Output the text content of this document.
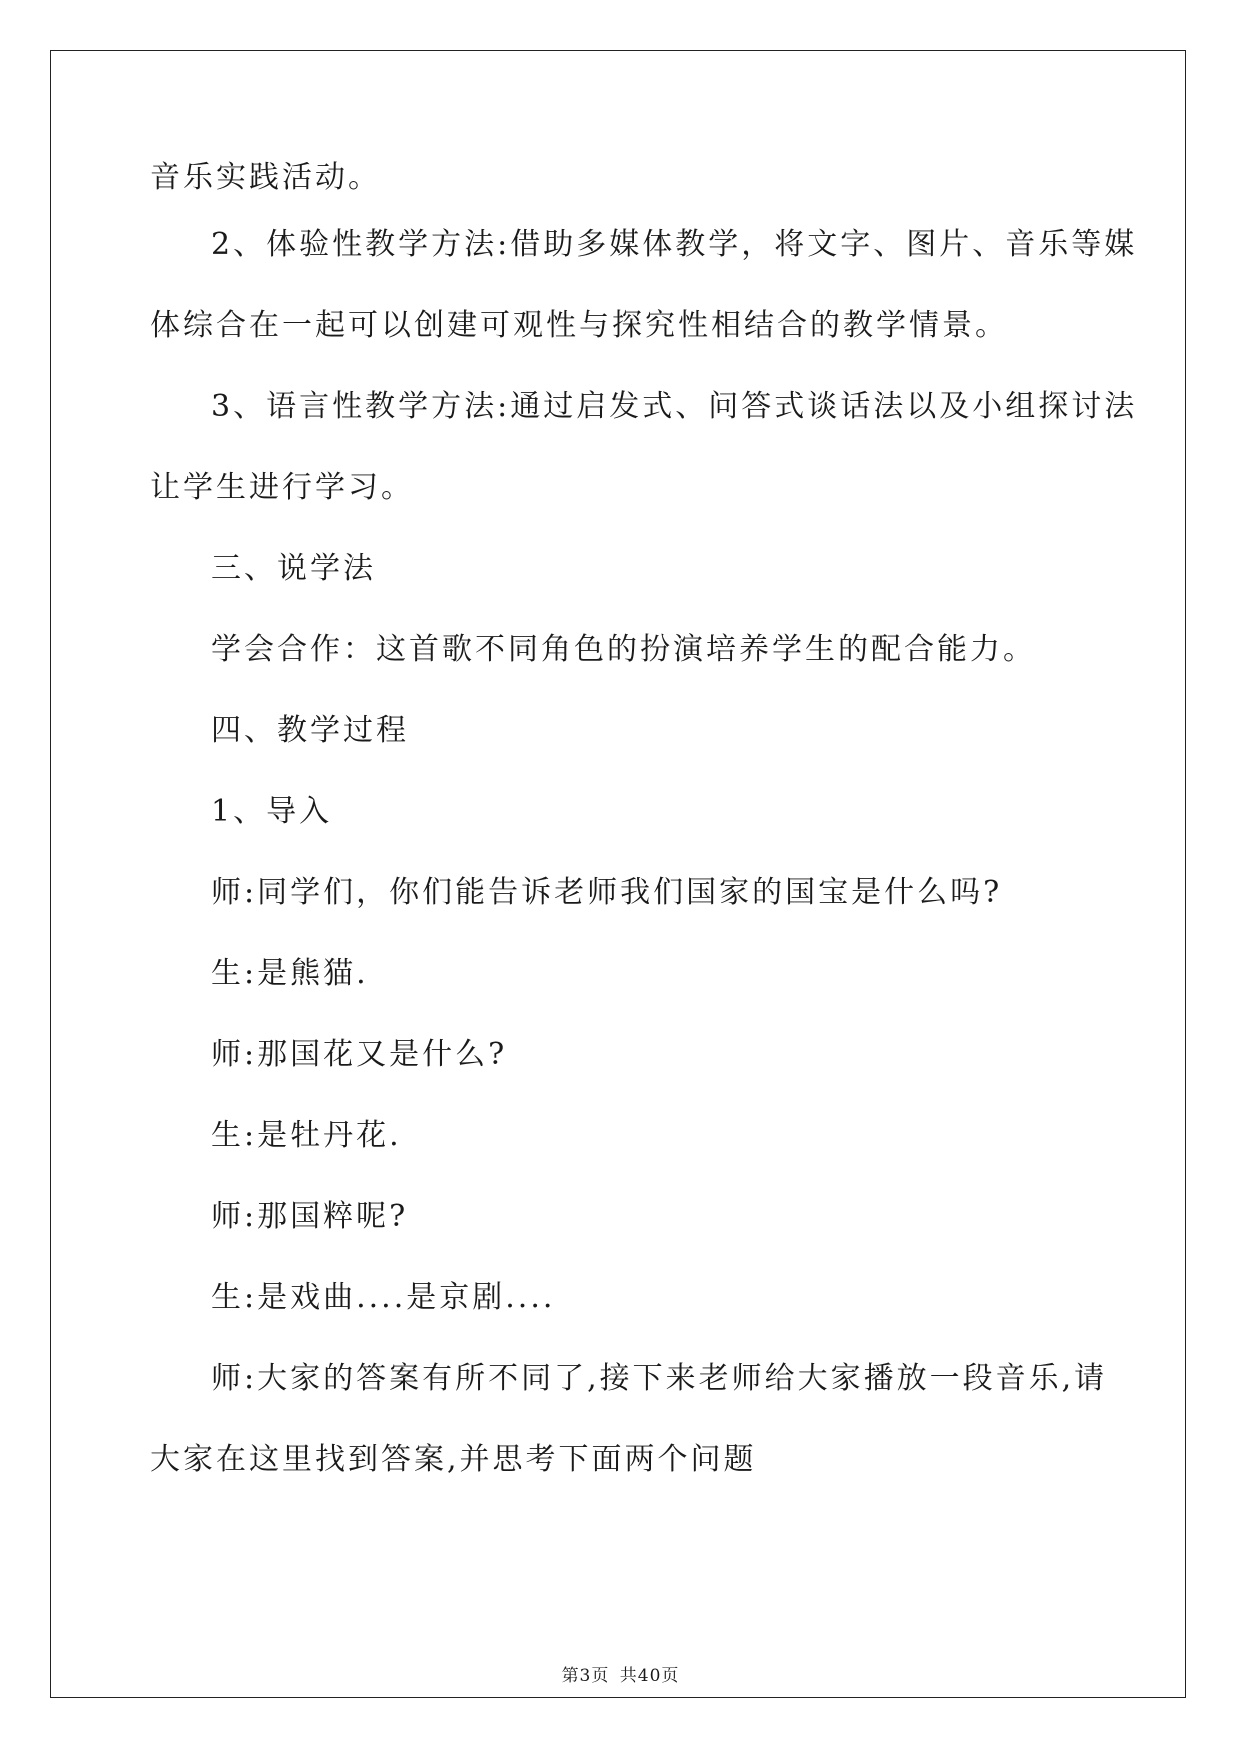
音乐实践活动。
2、体验性教学方法:借助多媒体教学，将文字、图片、音乐等媒
体综合在一起可以创建可观性与探究性相结合的教学情景。
3、语言性教学方法:通过启发式、问答式谈话法以及小组探讨法
让学生进行学习。
三、说学法
学会合作：这首歌不同角色的扮演培养学生的配合能力。
四、教学过程
1、导入
师:同学们，你们能告诉老师我们国家的国宝是什么吗?
生:是熊猫.
师:那国花又是什么?
生:是牡丹花.
师:那国粹呢?
生:是戏曲....是京剧....
师:大家的答案有所不同了,接下来老师给大家播放一段音乐,请
大家在这里找到答案,并思考下面两个问题
第3页 共40页
